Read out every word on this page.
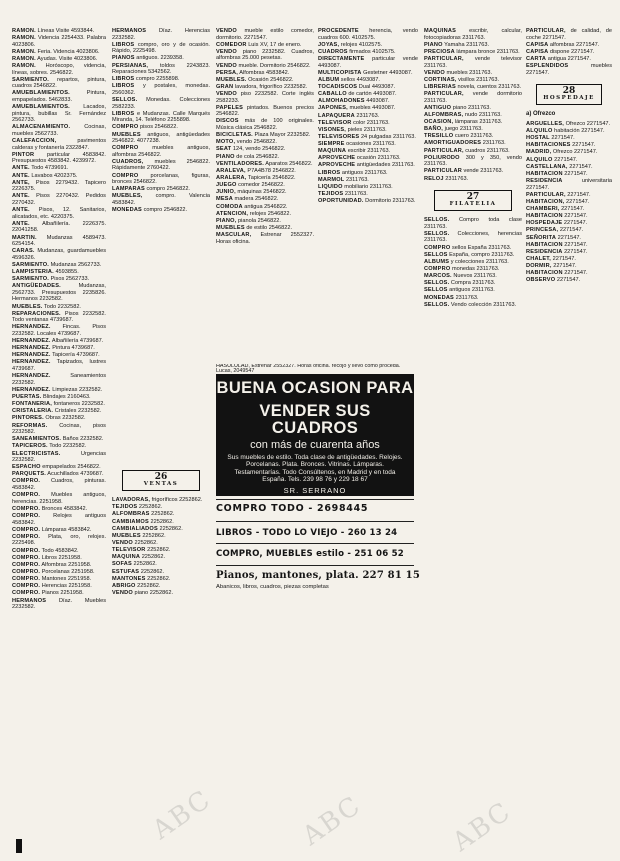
RAMON. Líneas Visite 4593844.

RAMON. Videncia 2254433. Palabra 4023806.

RAMON. Feria. Videncia 4023806.

RAMON. Ayudas. Visite 4023806.

RAMON. Horóscopo, videncia, líneas, sobres. 2546822.

SARMIENTO. repartos, pintura, cuadros 2546822.

AMUEBLAMIENTOS.	Pintura, empapelados. 5462833.

AMUEBLAMIENTOS. Lacados, pintura, bubillas Sr. Fernández 2562733.

ALMACENAMIENTO.	Cocinas, muebles 2562733.

CALEFACCION,	pavimentos calderas y fontanería 2322847.

PINTOR particular 4583842. Presupuestos 4583842. 4239972.

ANTE. Todo 4739691.

ANTE. Lavabos 4202375.

ANTE, Pisos 2279432. Tapicero 2226375.

ANTE. Pisos 2270432. Pedidos 2270432.

ANTE. Pisos, 12. Sanitarios, alicatados, etc. 4220375.

ANTE. Albañilería. 2226375. 22041258.

MARTIN. Mudanzas 4589473. 6254154.

CARAS. Mudanzas, guardamuebles 4596326.

SARMIENTO. Mudanzas 2562733.

LAMPISTERIA. 4593855.

SARMIENTO. Pisos 2562733.

ANTIGÜEDADES.	Mudanzas, 2562733. Presupuestos 2235826. Hermanos 2232582.

MUEBLES. Todo 2232582.

REPARACIONES. Pisos 2232582. Todo ventanas 4739687.

HERNANDEZ. Fincas. Pisos 2232582. Locales 4739687.

HERNANDEZ. Albañilería 4739687.

HERNANDEZ. Pintura 4739687.

HERNANDEZ. Tapicería 4739687.

HERNANDEZ. Tapizados, lustres 4739687.

HERNANDEZ.	Saneamientos 2232582.

HERNANDEZ. Limpiezas 2232582.

PUERTAS. Blindajes 2160463.

FONTANERIA, fontaneros 2232582.

CRISTALERIA. Cristales 2232582.

PINTORES. Obras 2232582.

REFORMAS. Cocinas, pisos 2232582.

SANEAMIENTOS. Baños 2232582.

TAPICEROS. Todo 2232582.

ELECTRICISTAS.	Urgencias 2232582.

ESPACHO empapelados 2546822.

PARQUETS. Acuchillados 4739687.

COMPRO. Cuadros, pinturas. 4583842.

COMPRO. Muebles antiguos, herencias. 2251958.

COMPRO. Bronces 4583842.

COMPRO. Relojes antiguos 4583842.

COMPRO. Lámparas 4583842.

COMPRO. Plata, oro, relojes. 2225498.

COMPRO. Todo 4583842.

COMPRO. Libros 2251958.

COMPRO. Alfombras 2251958.

COMPRO. Porcelanas 2251958.

COMPRO. Mantones 2251958.

COMPRO. Herencias 2251958.

COMPRO. Pianos 2251958.

HERMANOS Díaz. Muebles 2232582.

HERMANOS Díaz. Herencias 2232582.

LIBROS compro, oro y de ocasión. Rápido, 2225498.

PIANOS antiguos. 2239358.

PERSIANAS, toldos 2243823. Reparaciones 5342562.

LIBROS compro 2255898.

LIBROS y postales, monedas. 2560362.

SELLOS. Monedas. Colecciones 2582233.

LIBROS e Mudanzas. Calle Marqués Miranda, 14. Teléfono 2255898.

COMPRO pisos 2546822.

MUEBLES antiguos, antigüedades 2546822. 4077238.

COMPRO muebles antiguos, alfombras 2546822.

CUADROS, muebles 2546822. Rápidamente 2760422.

COMPRO porcelanas, figuras, bronces 2546822.

LAMPARAS compro 2546822.

MUEBLES, compro. Valencia 4583842.

MONEDAS compro 2546822.

VENDO mueble estilo comedor, dormitorio. 2271547.

COMEDOR Luis XV, 17 de enero.

VENDO piano 2232582. Cuadros, alfombras 25.000 pesetas.

VENDO mueble. Dormitorio 2546822.

PERSA, Alfombras 4583842.

MUEBLES. Ocasión 2546822.

GRAN lavadora, frigorífico 2232582.

VENDO piso 2232582. Corte inglés 2582233.

PAPELES pintados. Buenos precios 2546822.

DISCOS más de 100 originales. Música clásica 2546822.

BICICLETAS. Plaza Mayor 2232582.

MOTO, vendo 2546822.

SEAT 124, vendo 2546822.

PIANO de cola 2546822.

VENTILADORES. Aparatos 2546822.

ARALEVA, P7A4B78 2546822.

ARALERA, Tapicería 2546822.

JUEGO comedor 2546822.

JUNIO, máquinas 2546822.

MESA madera 2546822.

COMODA antigua 2546822.

ATENCION, relojes 2546822.

PIANO, pianola 2546822.

MUEBLES de estilo 2546822.

MASCULAR, Estrenar 2552327. Horas oficina.

PROCEDENTE herencia, vendo cuadros 600. 4102575.

JOYAS, relojes 4102575.

CUADROS firmados 4102575.

DIRECTAMENTE particular vende 4493087.

MULTICOPISTA Gestetner 4493087.

ALBUM sellos 4493087.

TOCADISCOS Dual 4493087.

CABALLO de cartón 4493087.

ALMOHADONES 4493087.

JAPONES, muebles 4493087.

LAPAQUERA 2311763.

TELEVISOR color 2311763.

VISONES, pieles 2311763.

TELEVISORES 24 pulgadas 2311763.

SIEMPRE ocasiones 2311763.

MAQUINA escribir 2311763.

APROVECHE ocasión 2311763.

APROVECHE antigüedades 2311763.

LIBROS antiguos 2311763.

MARMOL 2311763.

LIQUIDO mobiliario 2311763.

TEJIDOS 2311763.

OPORTUNIDAD. Dormitorio 2311763.

MAQUINAS escribir, calcular, fotocopiadoras 2311763.

PIANO Yamaha 2311763.

PRECIOSA lámpara bronce 2311763.

PARTICULAR, vende televisor 2311763.

VENDO muebles 2311763.

CORTINAS, visillos 2311763.

LIBRERIAS novela, cuentos 2311763.

PARTICULAR, vende dormitorio 2311763.

ANTIGUO piano 2311763.

ALFOMBRAS, nudo 2311763.

OCASION, lámparas 2311763.

BAÑO, juego 2311763.

TRESILLO cuero 2311763.

AMORTIGUADORES 2311763.

PARTICULAR, cuadros 2311763.

POLIURODO 300 y 350, vendo 2311763.

PARTICULAR vende 2311763.

RELOJ 2311763.

27
FILATELIA

SELLOS. Compro toda clase 2311763.

SELLOS. Colecciones, herencias 2311763.

COMPRO sellos España 2311763.

SELLOS España, compro 2311763.

ALBUMS y colecciones 2311763.

COMPRO monedas 2311763.

MARCOS. Nuevos 2311763.

SELLOS. Compra 2311763.

SELLOS antiguos 2311763.

MONEDAS 2311763.

SELLOS. Vendo colección 2311763.

PARTICULAR, de calidad, de coche 2271547.

CAPISA alfombras 2271547.

CAPISA dispone 2271547.

CARTA antigua 2271547.

ESPLENDIDOS	muebles 2271547.

28
HOSPEDAJE
a) Ofrezco

ARGUELLES, Ofrezco 2271547.

ALQUILO habitación 2271547.

HOSTAL 2271547.

HABITACIONES 2271547.

MADRID, Ofrezco 2271547.

ALQUILO 2271547.

CASTELLANA, 2271547.

HABITACION 2271547.

RESIDENCIA	universitaria 2271547.

PARTICULAR, 2271547.

HABITACION, 2271547.

CHAMBERI, 2271547.

HABITACION 2271547.

HOSPEDAJE 2271547.

PRINCESA, 2271547.

SEÑORITA 2271547.

HABITACION 2271547.

RESIDENCIA 2271547.

CHALET, 2271547.

DORMIR, 2271547.

HABITACION 2271547.

OBSERVO 2271547.

26
VENTAS

LAVADORAS, frigoríficos 2252862.

TEJIDOS 2252862.

ALFOMBRAS 2252862.

CAMBIAMOS 2252862.

CAMBIALIADOS 2252862.

MUEBLES 2252862.

VENDO 2252862.

TELEVISOR 2252862.

MAQUINA 2252862.

SOFAS 2252862.

ESTUFAS 2252862.

MANTONES 2252862.

ABRIGO 2252862.

VENDO piano 2252862.

HASULULAD, Estrenar 2552327. Horas oficina. recojo y llevo como proceda. Lucas, 2049547
BUENA OCASION PARA
VENDER SUS CUADROS
con más de cuarenta años
Sus muebles de estilo. Toda clase de antigüedades. Relojes. Porcelanas. Plata. Bronces. Vitrinas. Lámparas. Testamentarías. Todo Consúltenos, en Madrid y en toda España. Tels. 239 98 76 y 229 18 67
SR. SERRANO
COMPRO TODO - 2698445
LIBROS - TODO LO VIEJO - 260 13 24
COMPRO, MUEBLES estilo - 251 06 52
Pianos, mantones, plata. 227 81 15
Abanicos, libros, cuadros, piezas completas
ABC	ABC	ABC
